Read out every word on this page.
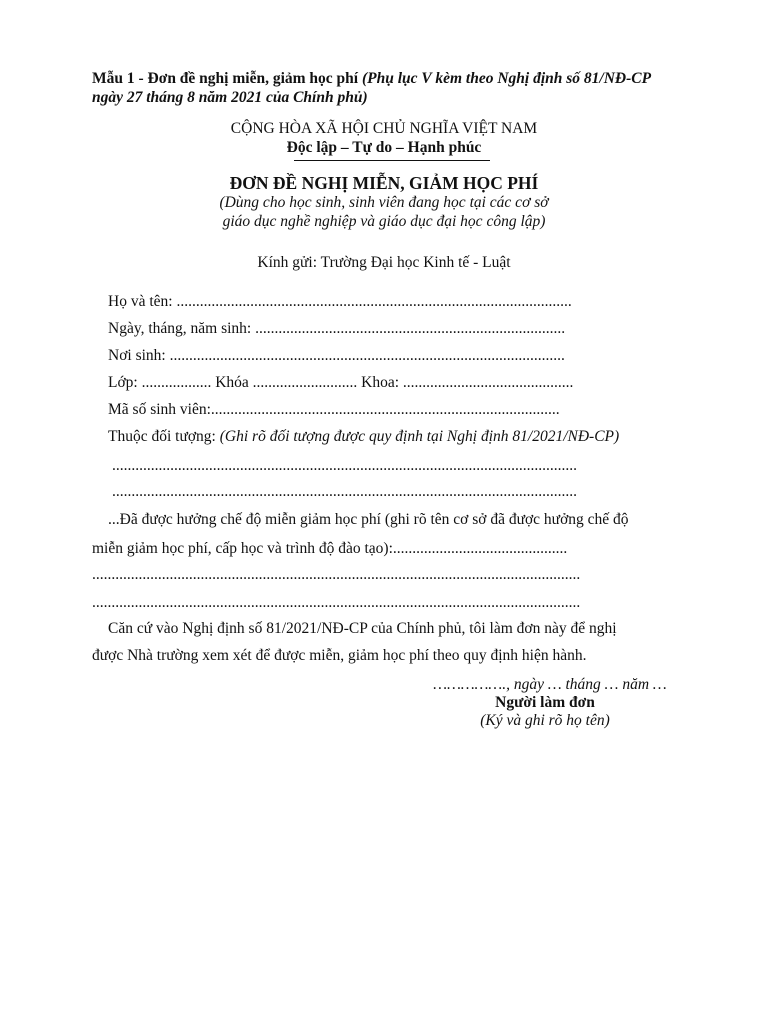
Mẫu 1 - Đơn đề nghị miễn, giảm học phí (Phụ lục V kèm theo Nghị định số 81/NĐ-CP
ngày 27 tháng 8 năm 2021 của Chính phủ)
CỘNG HÒA XÃ HỘI CHỦ NGHĨA VIỆT NAM
Độc lập – Tự do – Hạnh phúc
ĐƠN ĐỀ NGHỊ MIỄN, GIẢM HỌC PHÍ
(Dùng cho học sinh, sinh viên đang học tại các cơ sở
giáo dục nghề nghiệp và giáo dục đại học công lập)
Kính gửi: Trường Đại học Kinh tế - Luật
Họ và tên: ......................................................................................................
Ngày, tháng, năm sinh: ................................................................................
Nơi sinh: ......................................................................................................
Lớp: .................. Khóa ........................... Khoa: ............................................
Mã số sinh viên:..........................................................................................
Thuộc đối tượng: (Ghi rõ đối tượng được quy định tại Nghị định 81/2021/NĐ-CP)
........................................................................................................................
........................................................................................................................
...Đã được hưởng chế độ miễn giảm học phí (ghi rõ tên cơ sở đã được hưởng chế độ
miễn giảm học phí, cấp học và trình độ đào tạo):.............................................
..............................................................................................................................
..............................................................................................................................
Căn cứ vào Nghị định số 81/2021/NĐ-CP của Chính phủ, tôi làm đơn này để nghị
được Nhà trường xem xét để được miễn, giảm học phí theo quy định hiện hành.
……………., ngày … tháng … năm …
Người làm đơn
(Ký và ghi rõ họ tên)
